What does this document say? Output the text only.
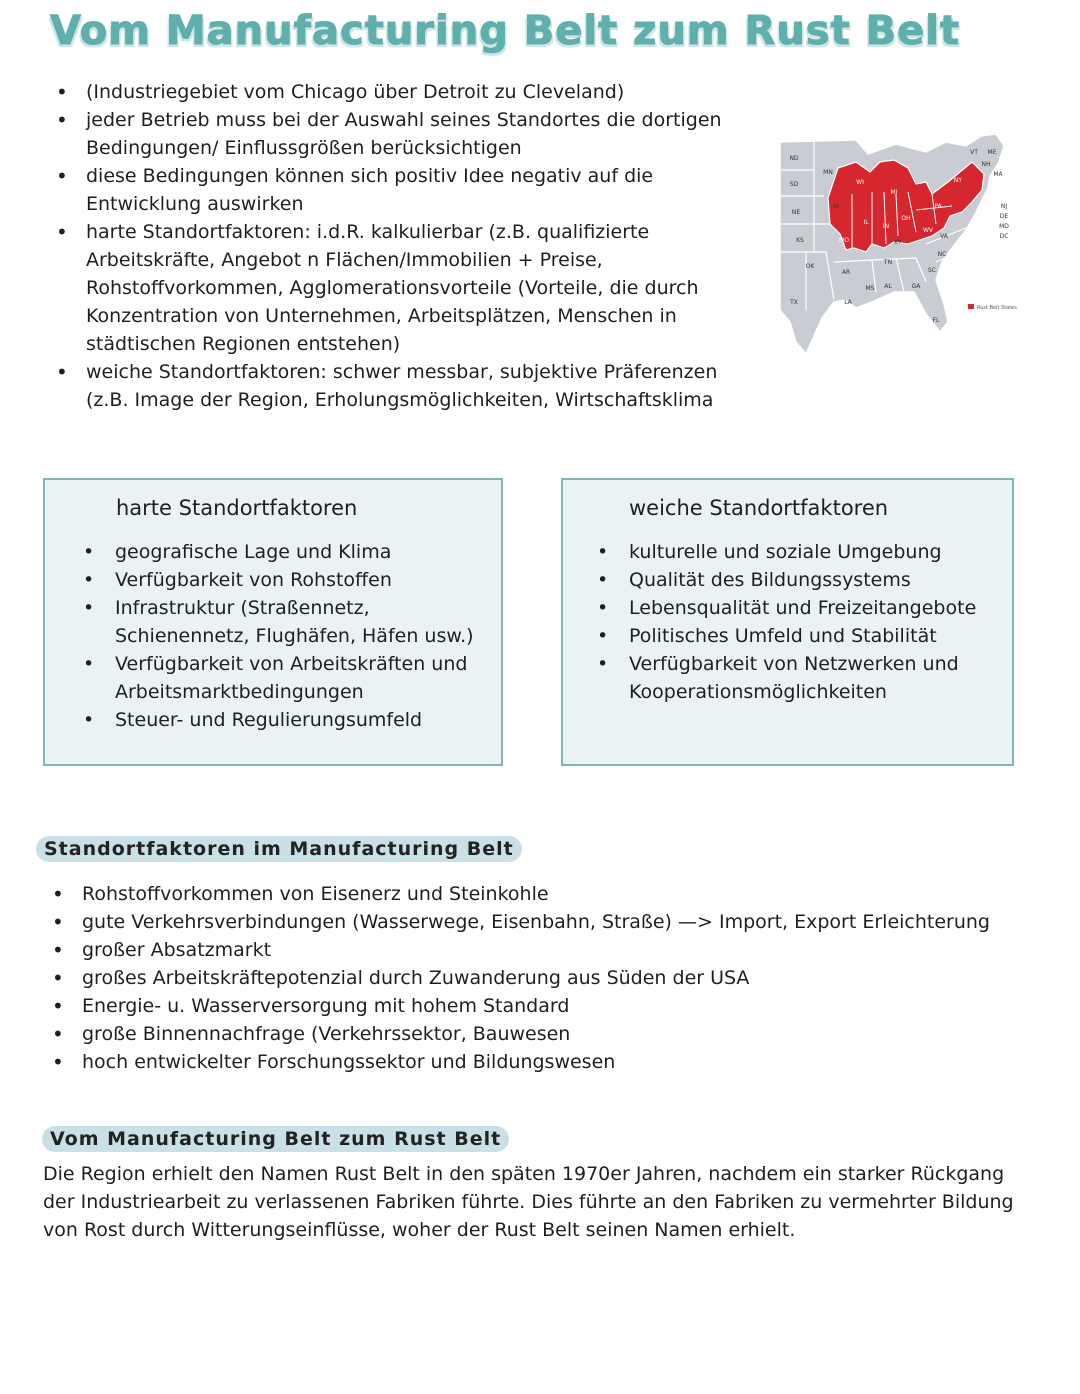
Vom Manufacturing Belt zum Rust Belt
• (Industriegebiet vom Chicago über Detroit zu Cleveland)
• jeder Betrieb muss bei der Auswahl seines Standortes die dortigen Bedingungen/ Einflussgrößen berücksichtigen
• diese Bedingungen können sich positiv Idee negativ auf die Entwicklung auswirken
• harte Standortfaktoren: i.d.R. kalkulierbar (z.B. qualifizierte Arbeitskräfte, Angebot n Flächen/Immobilien + Preise, Rohstoffvorkommen, Agglomerationsvorteile (Vorteile, die durch Konzentration von Unternehmen, Arbeitsplätzen, Menschen in städtischen Regionen entstehen)
• weiche Standortfaktoren: schwer messbar, subjektive Präferenzen (z.B. Image der Region, Erholungsmöglichkeiten, Wirtschaftsklima
Rust Belt States
ND
SD
NE
KS
OK
TX
MN
IA
MO
AR
LA
WI
MI
IL
IN
OH
KY
TN
MS AL	GA
FL
SC
NC
VA
WV
PA
NY
ME
VT
NH
MA
NJ
DE
MD
DC
harte Standortfaktoren
• geografische Lage und Klima
• Verfügbarkeit von Rohstoffen
• Infrastruktur (Straßennetz, Schienennetz, Flughäfen, Häfen usw.)
• Verfügbarkeit von Arbeitskräften und Arbeitsmarktbedingungen
• Steuer- und Regulierungsumfeld
weiche Standortfaktoren
• kulturelle und soziale Umgebung
• Qualität des Bildungssystems
• Lebensqualität und Freizeitangebote
• Politisches Umfeld und Stabilität
• Verfügbarkeit von Netzwerken und Kooperationsmöglichkeiten
Standortfaktoren im Manufacturing Belt
• Rohstoffvorkommen von Eisenerz und Steinkohle
• gute Verkehrsverbindungen (Wasserwege, Eisenbahn, Straße) —> Import, Export Erleichterung
• großer Absatzmarkt
• großes Arbeitskräftepotenzial durch Zuwanderung aus Süden der USA
• Energie- u. Wasserversorgung mit hohem Standard
• große Binnennachfrage (Verkehrssektor, Bauwesen
• hoch entwickelter Forschungssektor und Bildungswesen
Vom Manufacturing Belt zum Rust Belt

Die Region erhielt den Namen Rust Belt in den späten 1970er Jahren, nachdem ein starker Rückgang der Industriearbeit zu verlassenen Fabriken führte. Dies führte an den Fabriken zu vermehrter Bildung von Rost durch Witterungseinflüsse, woher der Rust Belt seinen Namen erhielt.
